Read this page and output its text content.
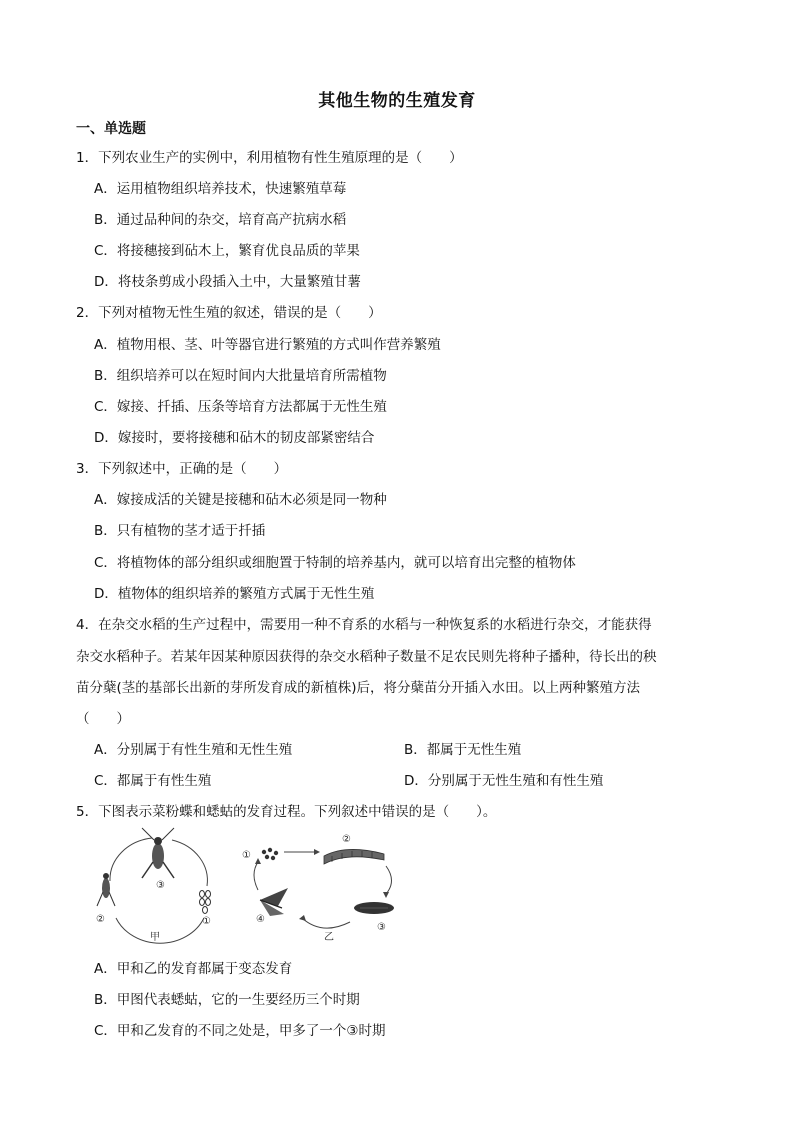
其他生物的生殖发育
一、单选题
1．下列农业生产的实例中，利用植物有性生殖原理的是（　　）
A．运用植物组织培养技术，快速繁殖草莓
B．通过品种间的杂交，培育高产抗病水稻
C．将接穗接到砧木上，繁育优良品质的苹果
D．将枝条剪成小段插入土中，大量繁殖甘薯
2．下列对植物无性生殖的叙述，错误的是（　　）
A．植物用根、茎、叶等器官进行繁殖的方式叫作营养繁殖
B．组织培养可以在短时间内大批量培育所需植物
C．嫁接、扦插、压条等培育方法都属于无性生殖
D．嫁接时，要将接穗和砧木的韧皮部紧密结合
3．下列叙述中，正确的是（　　）
A．嫁接成活的关键是接穗和砧木必须是同一物种
B．只有植物的茎才适于扦插
C．将植物体的部分组织或细胞置于特制的培养基内，就可以培育出完整的植物体
D．植物体的组织培养的繁殖方式属于无性生殖
4．在杂交水稻的生产过程中，需要用一种不育系的水稻与一种恢复系的水稻进行杂交，才能获得
杂交水稻种子。若某年因某种原因获得的杂交水稻种子数量不足农民则先将种子播种，待长出的秧
苗分蘖(茎的基部长出新的芽所发育成的新植株)后，将分蘖苗分开插入水田。以上两种繁殖方法
（　　）
A．分别属于有性生殖和无性生殖	B．都属于无性生殖
C．都属于有性生殖	D．分别属于无性生殖和有性生殖
5．下图表示菜粉蝶和蟋蛄的发育过程。下列叙述中错误的是（　　）。
③
①
②
甲
①
②
③
④
乙
A．甲和乙的发育都属于变态发育
B．甲图代表蟋蛄，它的一生要经历三个时期
C．甲和乙发育的不同之处是，甲多了一个③时期
